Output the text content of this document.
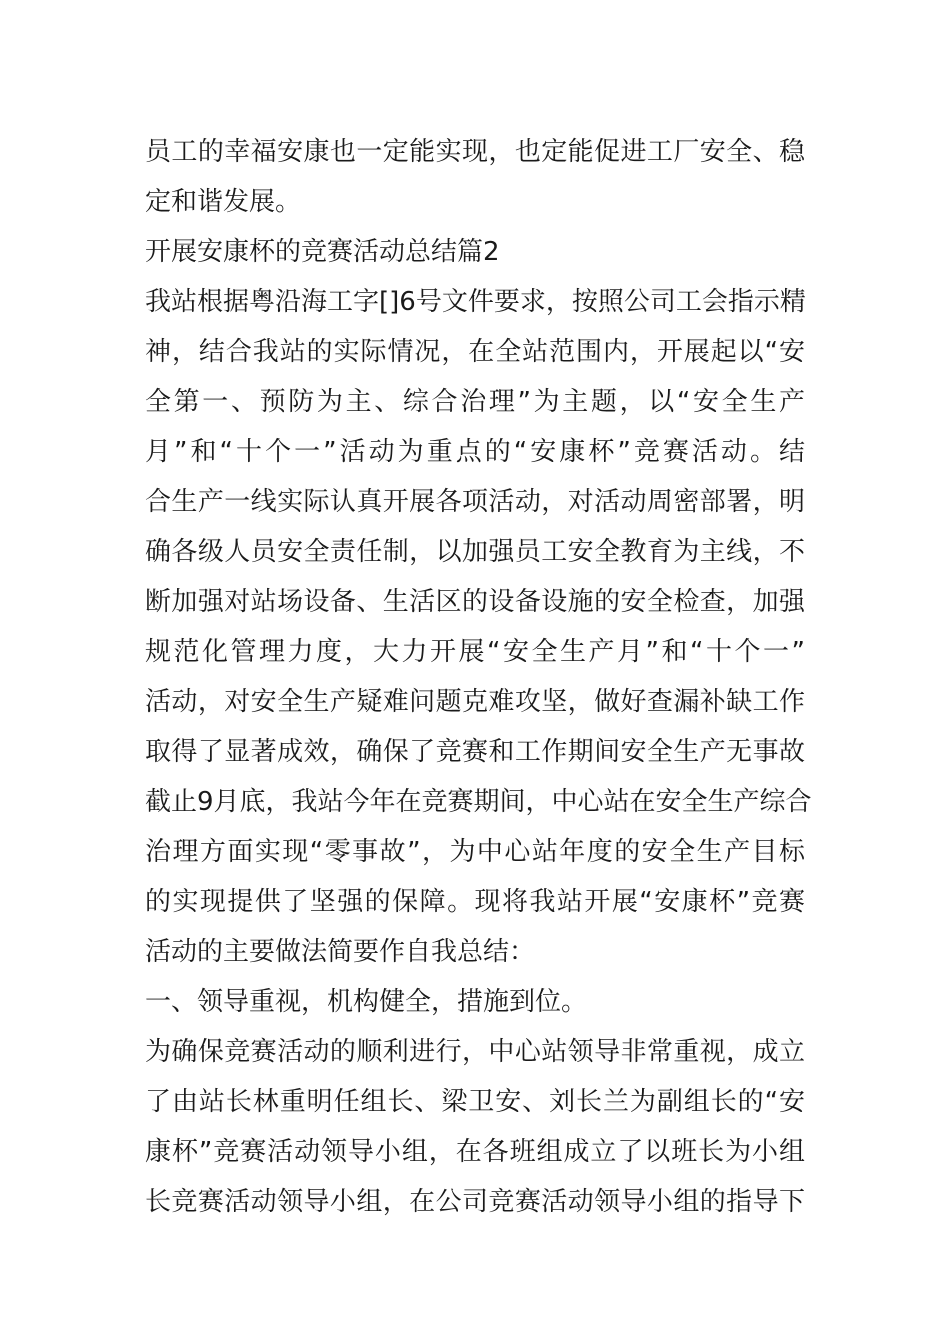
员工的幸福安康也一定能实现，也定能促进工厂安全、稳
定和谐发展。
开展安康杯的竞赛活动总结篇2
我站根据粤沿海工字[]6号文件要求，按照公司工会指示精
神，结合我站的实际情况，在全站范围内，开展起以“安
全第一、预防为主、综合治理”为主题，以“安全生产
月”和“十个一”活动为重点的“安康杯”竞赛活动。结
合生产一线实际认真开展各项活动，对活动周密部署，明
确各级人员安全责任制，以加强员工安全教育为主线，不
断加强对站场设备、生活区的设备设施的安全检查，加强
规范化管理力度，大力开展“安全生产月”和“十个一”
活动，对安全生产疑难问题克难攻坚，做好查漏补缺工作
取得了显著成效，确保了竞赛和工作期间安全生产无事故
截止9月底，我站今年在竞赛期间，中心站在安全生产综合
治理方面实现“零事故”，为中心站年度的安全生产目标
的实现提供了坚强的保障。现将我站开展“安康杯”竞赛
活动的主要做法简要作自我总结：
一、领导重视，机构健全，措施到位。
为确保竞赛活动的顺利进行，中心站领导非常重视，成立
了由站长林重明任组长、梁卫安、刘长兰为副组长的“安
康杯”竞赛活动领导小组，在各班组成立了以班长为小组
长竞赛活动领导小组，在公司竞赛活动领导小组的指导下
